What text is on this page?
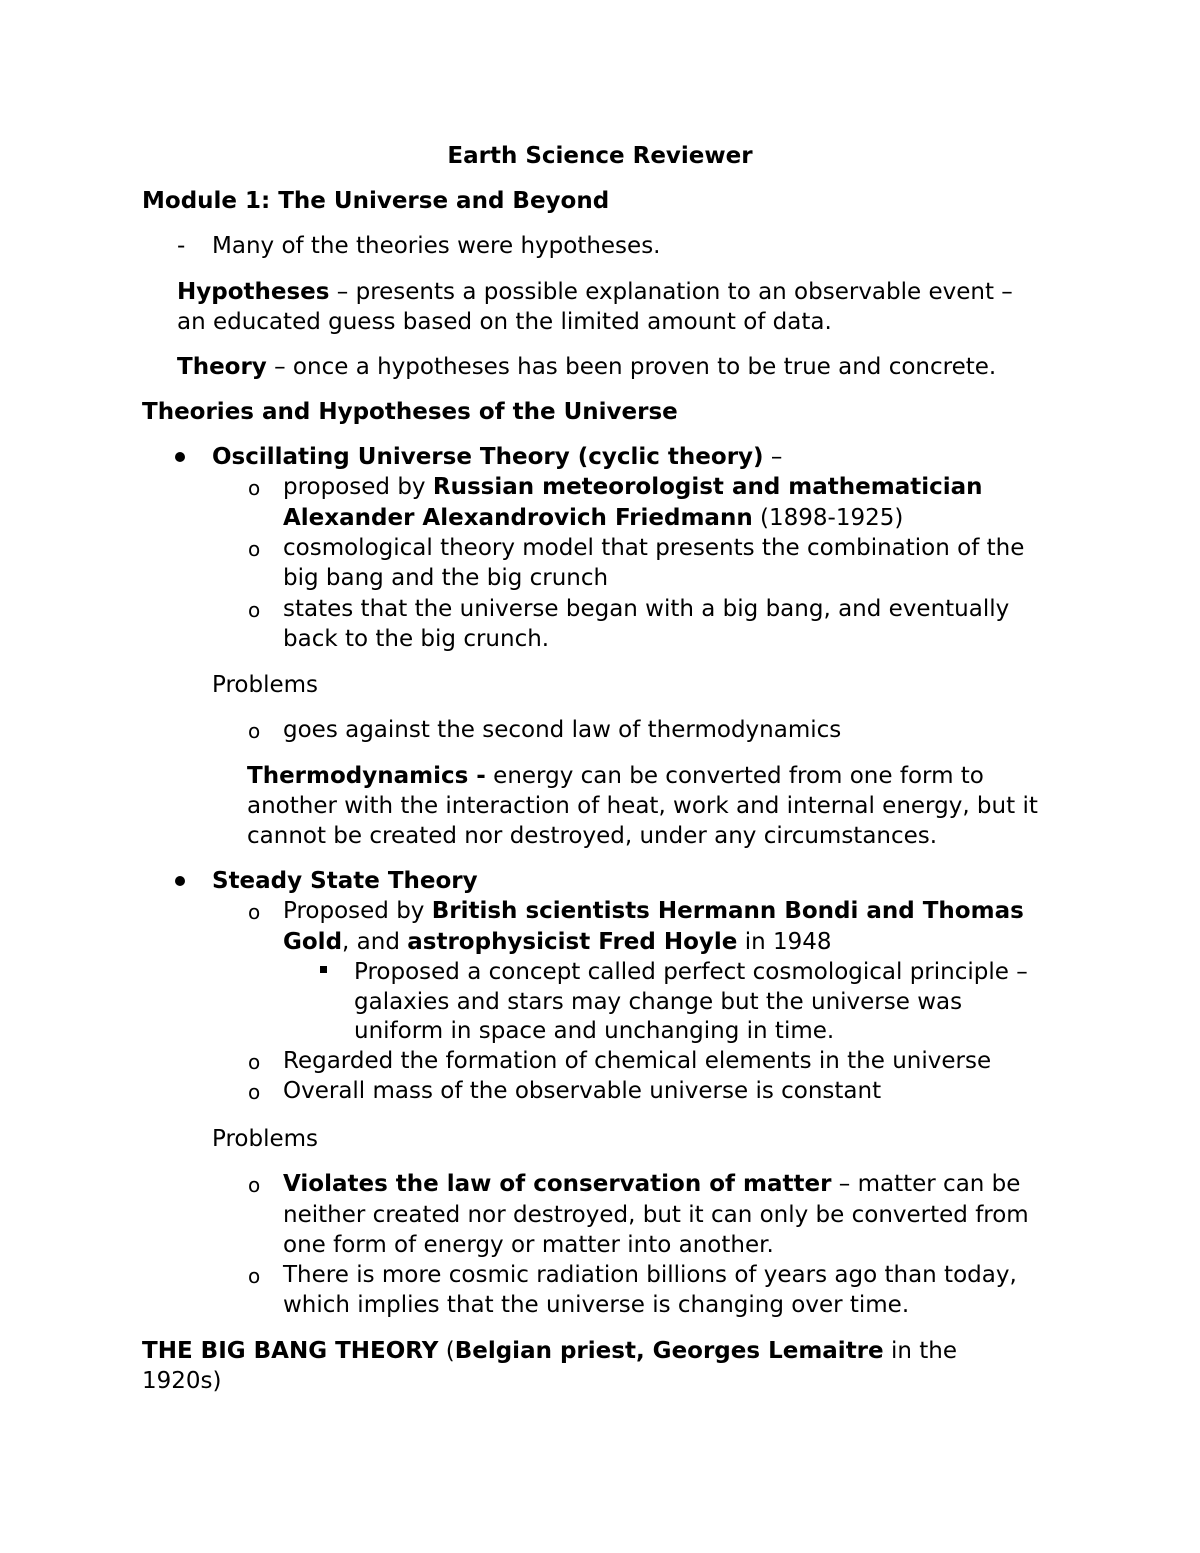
Earth Science Reviewer
Module 1: The Universe and Beyond
- Many of the theories were hypotheses.
Hypotheses – presents a possible explanation to an observable event –
an educated guess based on the limited amount of data.
Theory – once a hypotheses has been proven to be true and concrete.
Theories and Hypotheses of the Universe
Oscillating Universe Theory (cyclic theory) –
o proposed by Russian meteorologist and mathematician
Alexander Alexandrovich Friedmann (1898-1925)
o cosmological theory model that presents the combination of the
big bang and the big crunch
o states that the universe began with a big bang, and eventually
back to the big crunch.
Problems
o goes against the second law of thermodynamics
Thermodynamics - energy can be converted from one form to
another with the interaction of heat, work and internal energy, but it
cannot be created nor destroyed, under any circumstances.
Steady State Theory
o Proposed by British scientists Hermann Bondi and Thomas
Gold, and astrophysicist Fred Hoyle in 1948
Proposed a concept called perfect cosmological principle –
galaxies and stars may change but the universe was
uniform in space and unchanging in time.
o Regarded the formation of chemical elements in the universe
o Overall mass of the observable universe is constant
Problems
o Violates the law of conservation of matter – matter can be
neither created nor destroyed, but it can only be converted from
one form of energy or matter into another.
o There is more cosmic radiation billions of years ago than today,
which implies that the universe is changing over time.
THE BIG BANG THEORY (Belgian priest, Georges Lemaitre in the
1920s)
